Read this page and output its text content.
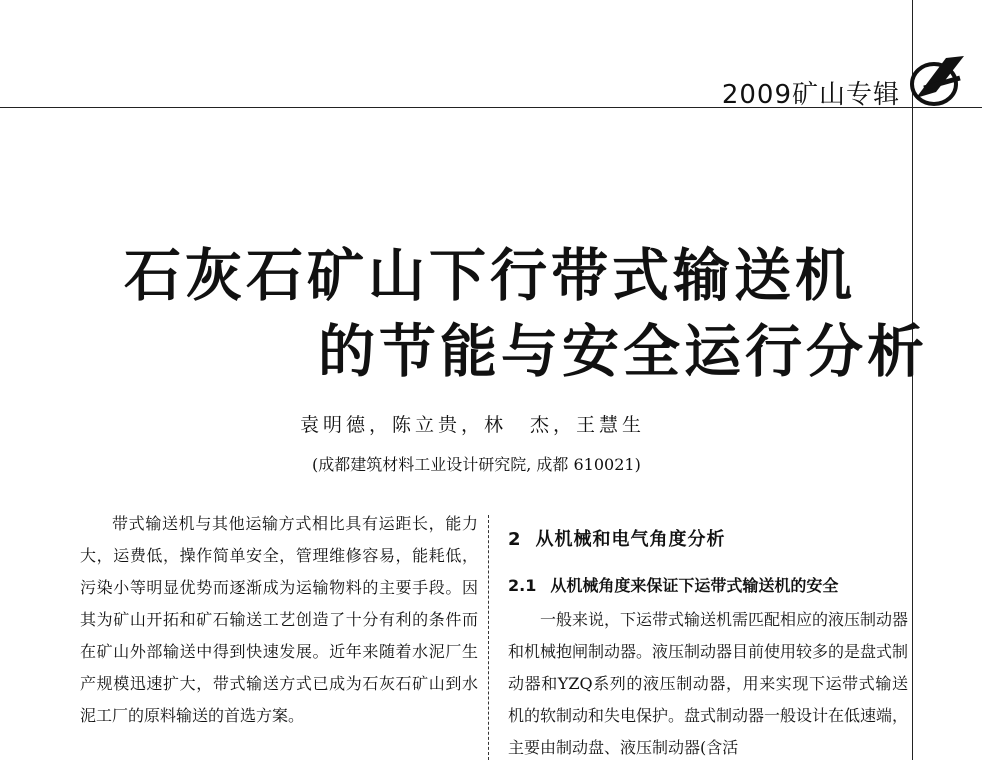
2009矿山专辑
石灰石矿山下行带式输送机
的节能与安全运行分析
袁明德，陈立贵，林　杰，王慧生
(成都建筑材料工业设计研究院, 成都 610021)

带式输送机与其他运输方式相比具有运距长，能力大，运费低，操作简单安全，管理维修容易，能耗低，污染小等明显优势而逐渐成为运输物料的主要手段。因其为矿山开拓和矿石输送工艺创造了十分有利的条件而在矿山外部输送中得到快速发展。近年来随着水泥厂生产规模迅速扩大，带式输送方式已成为石灰石矿山到水泥工厂的原料输送的首选方案。

2 从机械和电气角度分析
2.1 从机械角度来保证下运带式输送机的安全

一般来说，下运带式输送机需匹配相应的液压制动器和机械抱闸制动器。液压制动器目前使用较多的是盘式制动器和YZQ系列的液压制动器，用来实现下运带式输送机的软制动和失电保护。盘式制动器一般设计在低速端，主要由制动盘、液压制动器(含活
